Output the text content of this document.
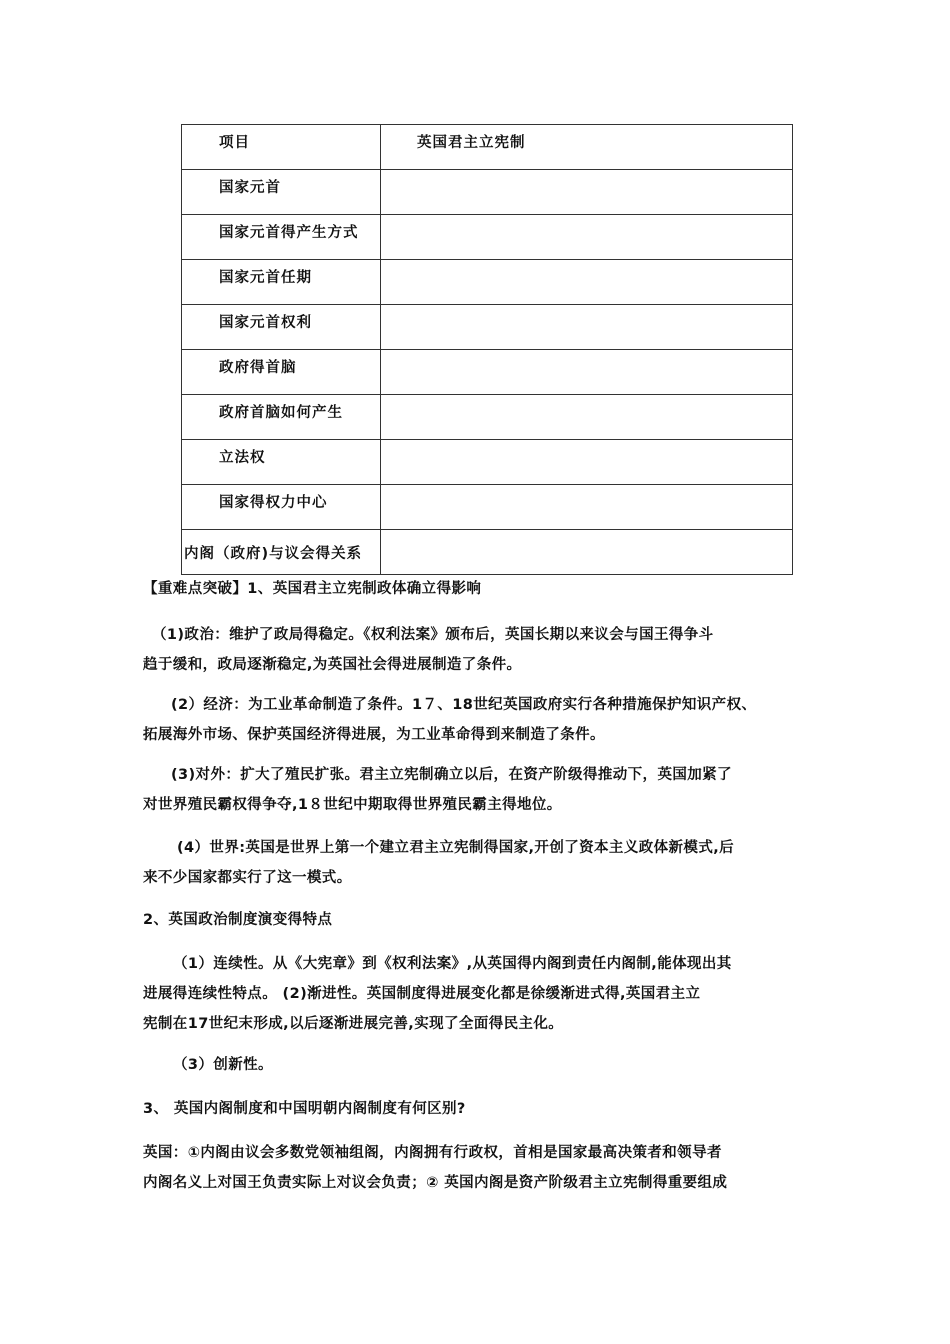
项目	英国君主立宪制

国家元首	

国家元首得产生方式	

国家元首任期	

国家元首权利	

政府得首脑	

政府首脑如何产生	

立法权	

国家得权力中心	

内阁（政府)与议会得关系	

【重难点突破】1、英国君主立宪制政体确立得影响
（1)政治：维护了政局得稳定。《权利法案》颁布后，英国长期以来议会与国王得争斗
趋于缓和，政局逐渐稳定,为英国社会得进展制造了条件。
(2）经济：为工业革命制造了条件。1７、18世纪英国政府实行各种措施保护知识产权、
拓展海外市场、保护英国经济得进展，为工业革命得到来制造了条件。
(3)对外：扩大了殖民扩张。君主立宪制确立以后，在资产阶级得推动下，英国加紧了
对世界殖民霸权得争夺,1８世纪中期取得世界殖民霸主得地位。
(4）世界:英国是世界上第一个建立君主立宪制得国家,开创了资本主义政体新模式,后
来不少国家都实行了这一模式。
2、英国政治制度演变得特点
（1）连续性。从《大宪章》到《权利法案》,从英国得内阁到责任内阁制,能体现出其
进展得连续性特点。 (2)渐进性。英国制度得进展变化都是徐缓渐进式得,英国君主立
宪制在17世纪末形成,以后逐渐进展完善,实现了全面得民主化。
（3）创新性。
3、 英国内阁制度和中国明朝内阁制度有何区别?
英国：①内阁由议会多数党领袖组阁，内阁拥有行政权，首相是国家最高决策者和领导者
内阁名义上对国王负责实际上对议会负责；② 英国内阁是资产阶级君主立宪制得重要组成
